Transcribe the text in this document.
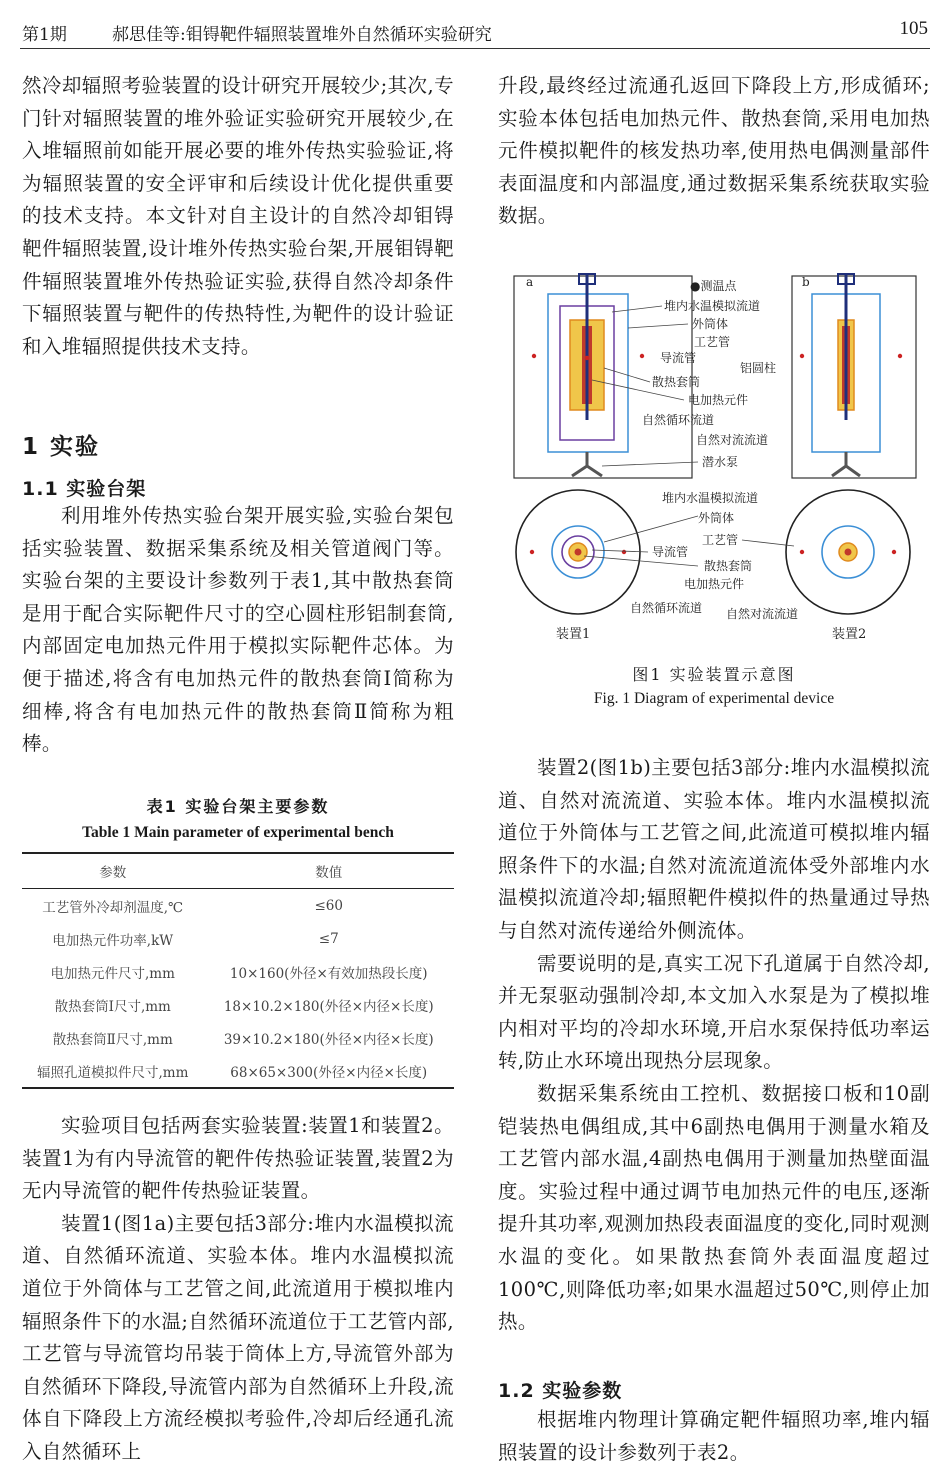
第1期	郝思佳等:钼锝靶件辐照装置堆外自然循环实验研究	105

然冷却辐照考验装置的设计研究开展较少;其次,专门针对辐照装置的堆外验证实验研究开展较少,在入堆辐照前如能开展必要的堆外传热实验验证,将为辐照装置的安全评审和后续设计优化提供重要的技术支持。本文针对自主设计的自然冷却钼锝靶件辐照装置,设计堆外传热实验台架,开展钼锝靶件辐照装置堆外传热验证实验,获得自然冷却条件下辐照装置与靶件的传热特性,为靶件的设计验证和入堆辐照提供技术支持。

1 实验
1.1 实验台架

利用堆外传热实验台架开展实验,实验台架包括实验装置、数据采集系统及相关管道阀门等。实验台架的主要设计参数列于表1,其中散热套筒是用于配合实际靶件尺寸的空心圆柱形铝制套筒,内部固定电加热元件用于模拟实际靶件芯体。为便于描述,将含有电加热元件的散热套筒Ⅰ简称为细棒,将含有电加热元件的散热套筒Ⅱ简称为粗棒。

表1 实验台架主要参数
Table 1 Main parameter of experimental bench
参数	数值
工艺管外冷却剂温度,℃	≤60
电加热元件功率,kW	≤7
电加热元件尺寸,mm	10×160(外径×有效加热段长度)
散热套筒Ⅰ尺寸,mm	18×10.2×180(外径×内径×长度)
散热套筒Ⅱ尺寸,mm	39×10.2×180(外径×内径×长度)
辐照孔道模拟件尺寸,mm	68×65×300(外径×内径×长度)

实验项目包括两套实验装置:装置1和装置2。装置1为有内导流管的靶件传热验证装置,装置2为无内导流管的靶件传热验证装置。

装置1(图1a)主要包括3部分:堆内水温模拟流道、自然循环流道、实验本体。堆内水温模拟流道位于外筒体与工艺管之间,此流道用于模拟堆内辐照条件下的水温;自然循环流道位于工艺管内部,工艺管与导流管均吊装于筒体上方,导流管外部为自然循环下降段,导流管内部为自然循环上升段,流体自下降段上方流经模拟考验件,冷却后经通孔流入自然循环上

升段,最终经过流通孔返回下降段上方,形成循环;实验本体包括电加热元件、散热套筒,采用电加热元件模拟靶件的核发热功率,使用热电偶测量部件表面温度和内部温度,通过数据采集系统获取实验数据。

a	b
●测温点
堆内水温模拟流道
外筒体
工艺管
导流管
铝圆柱
散热套筒
电加热元件
自然循环流道
自然对流流道
潜水泵
堆内水温模拟流道
外筒体
工艺管
导流管
散热套筒
电加热元件
自然循环流道 自然对流流道
装置1	装置2
图1 实验装置示意图
Fig. 1 Diagram of experimental device

装置2(图1b)主要包括3部分:堆内水温模拟流道、自然对流流道、实验本体。堆内水温模拟流道位于外筒体与工艺管之间,此流道可模拟堆内辐照条件下的水温;自然对流流道流体受外部堆内水温模拟流道冷却;辐照靶件模拟件的热量通过导热与自然对流传递给外侧流体。

需要说明的是,真实工况下孔道属于自然冷却,并无泵驱动强制冷却,本文加入水泵是为了模拟堆内相对平均的冷却水环境,开启水泵保持低功率运转,防止水环境出现热分层现象。

数据采集系统由工控机、数据接口板和10副铠装热电偶组成,其中6副热电偶用于测量水箱及工艺管内部水温,4副热电偶用于测量加热壁面温度。实验过程中通过调节电加热元件的电压,逐渐提升其功率,观测加热段表面温度的变化,同时观测水温的变化。如果散热套筒外表面温度超过100℃,则降低功率;如果水温超过50℃,则停止加热。

1.2 实验参数

根据堆内物理计算确定靶件辐照功率,堆内辐照装置的设计参数列于表2。
